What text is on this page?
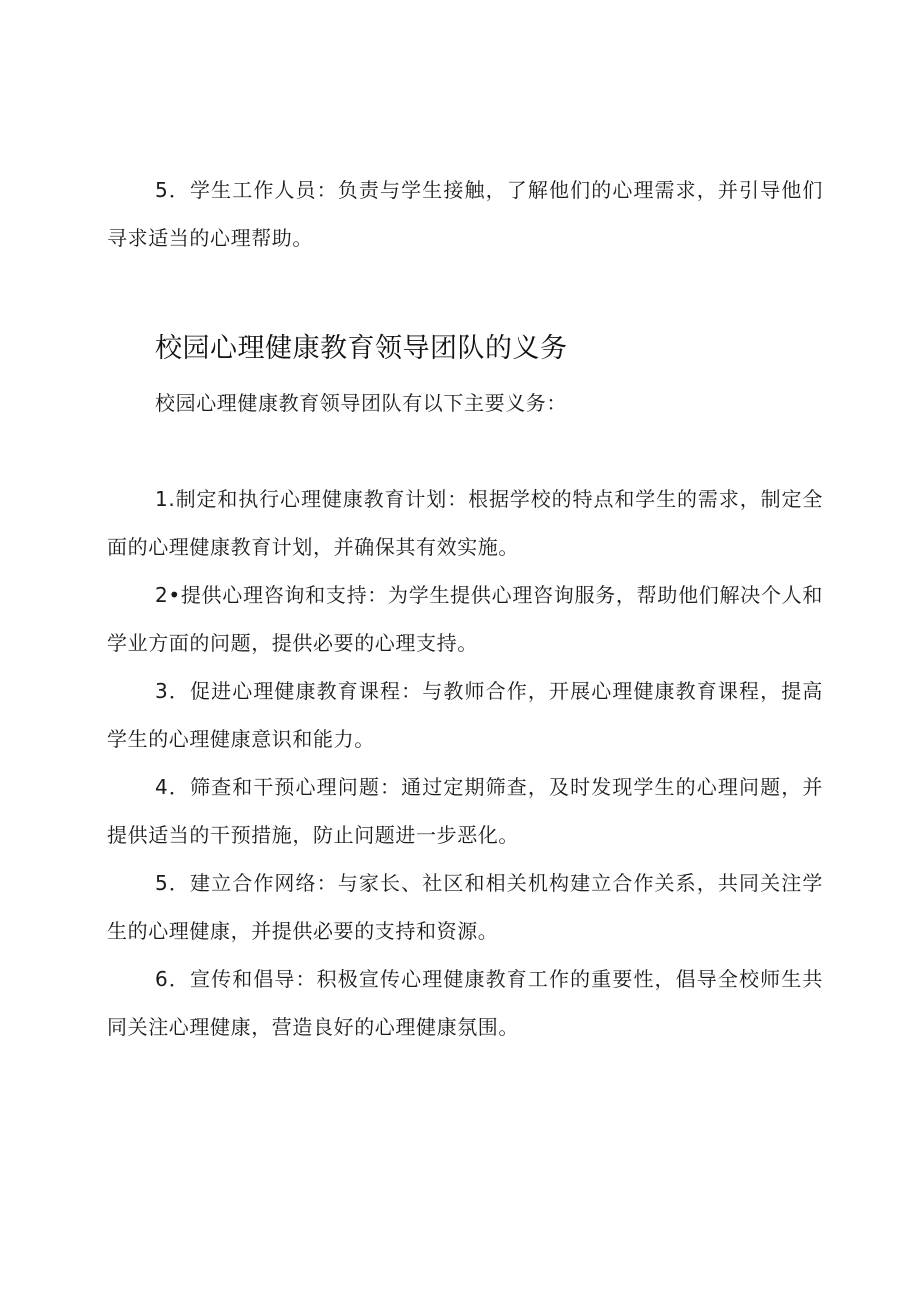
5．学生工作人员：负责与学生接触，了解他们的心理需求，并引导他们寻求适当的心理帮助。

校园心理健康教育领导团队的义务

校园心理健康教育领导团队有以下主要义务：

1.制定和执行心理健康教育计划：根据学校的特点和学生的需求，制定全面的心理健康教育计划，并确保其有效实施。

2•提供心理咨询和支持：为学生提供心理咨询服务，帮助他们解决个人和学业方面的问题，提供必要的心理支持。

3．促进心理健康教育课程：与教师合作，开展心理健康教育课程，提高学生的心理健康意识和能力。

4．筛查和干预心理问题：通过定期筛查，及时发现学生的心理问题，并提供适当的干预措施，防止问题进一步恶化。

5．建立合作网络：与家长、社区和相关机构建立合作关系，共同关注学生的心理健康，并提供必要的支持和资源。

6．宣传和倡导：积极宣传心理健康教育工作的重要性，倡导全校师生共同关注心理健康，营造良好的心理健康氛围。
